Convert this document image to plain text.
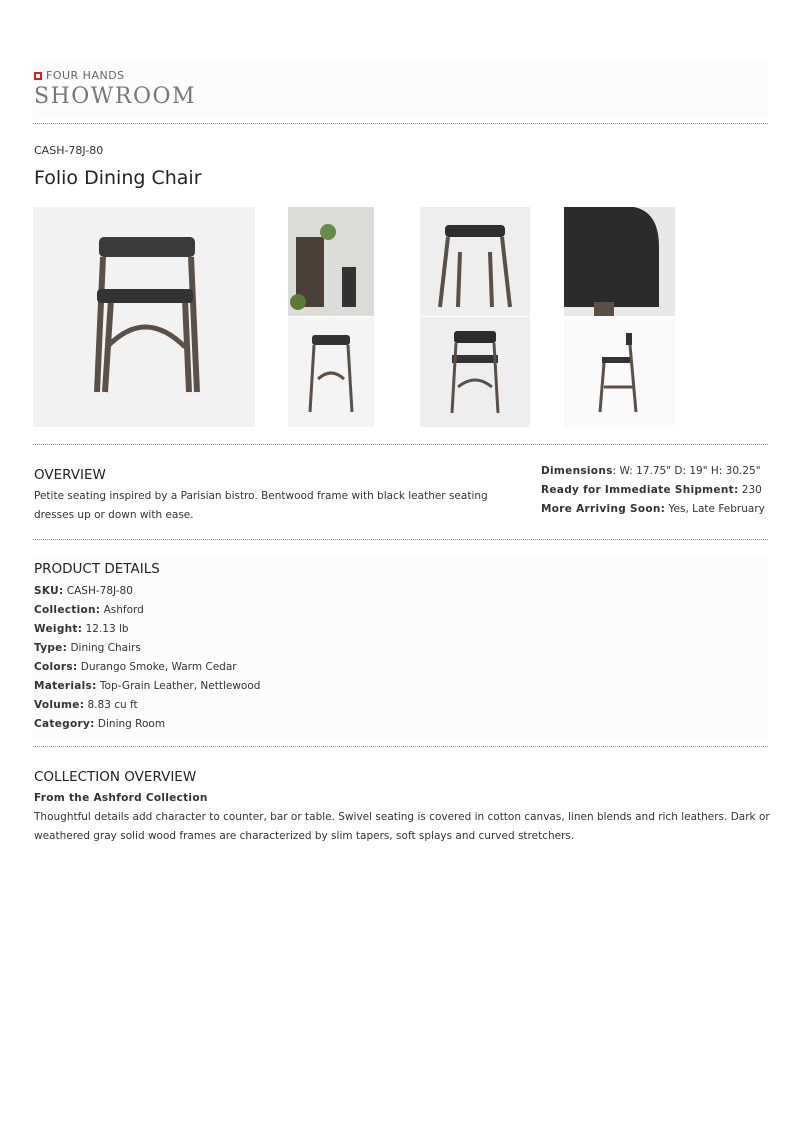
FOUR HANDS
SHOWROOM
CASH-78J-80
Folio Dining Chair
OVERVIEW
Petite seating inspired by a Parisian bistro. Bentwood frame with black leather seating dresses up or down with ease.
Dimensions: W: 17.75" D: 19" H: 30.25"
Ready for Immediate Shipment: 230
More Arriving Soon: Yes, Late February
PRODUCT DETAILS
SKU: CASH-78J-80
Collection: Ashford
Weight: 12.13 lb
Type: Dining Chairs
Colors: Durango Smoke, Warm Cedar
Materials: Top-Grain Leather, Nettlewood
Volume: 8.83 cu ft
Category: Dining Room
COLLECTION OVERVIEW
From the Ashford Collection
Thoughtful details add character to counter, bar or table. Swivel seating is covered in cotton canvas, linen blends and rich leathers. Dark or weathered gray solid wood frames are characterized by slim tapers, soft splays and curved stretchers.
